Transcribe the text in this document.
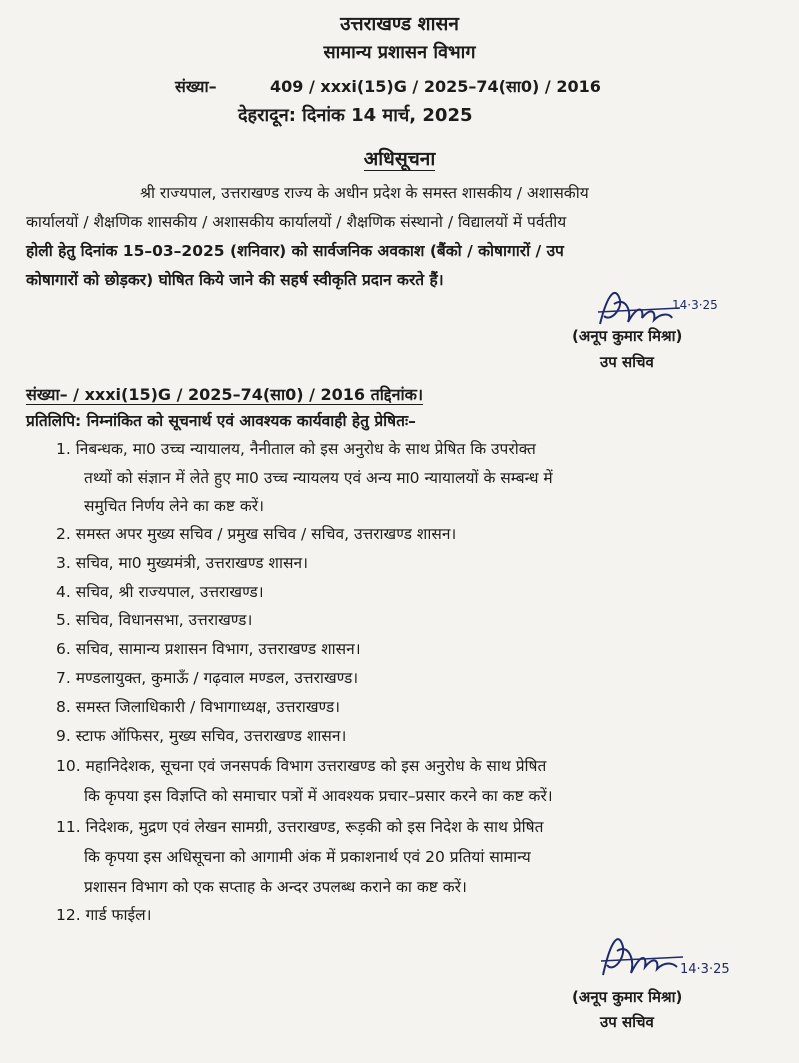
उत्तराखण्ड शासन
सामान्य प्रशासन विभाग
संख्या–	409 / xxxi(15)G / 2025–74(सा0) / 2016
देहरादून: दिनांक 14 मार्च, 2025
अधिसूचना
श्री राज्यपाल, उत्तराखण्ड राज्य के अधीन प्रदेश के समस्त शासकीय / अशासकीय
कार्यालयों / शैक्षणिक शासकीय / अशासकीय कार्यालयों / शैक्षणिक संस्थानो / विद्यालयों में पर्वतीय
होली हेतु दिनांक 15–03–2025 (शनिवार) को सार्वजनिक अवकाश (बैंको / कोषागारों / उप
कोषागारों को छोड़कर) घोषित किये जाने की सहर्ष स्वीकृति प्रदान करते हैं।
14·3·25
(अनूप कुमार मिश्रा)
उप सचिव
संख्या– / xxxi(15)G / 2025–74(सा0) / 2016 तद्दिनांक।
प्रतिलिपि: निम्नांकित को सूचनार्थ एवं आवश्यक कार्यवाही हेतु प्रेषितः–
1. निबन्धक, मा0 उच्च न्यायालय, नैनीताल को इस अनुरोध के साथ प्रेषित कि उपरोक्त
तथ्यों को संज्ञान में लेते हुए मा0 उच्च न्यायलय एवं अन्य मा0 न्यायालयों के सम्बन्ध में
समुचित निर्णय लेने का कष्ट करें।
2. समस्त अपर मुख्य सचिव / प्रमुख सचिव / सचिव, उत्तराखण्ड शासन।
3. सचिव, मा0 मुख्यमंत्री, उत्तराखण्ड शासन।
4. सचिव, श्री राज्यपाल, उत्तराखण्ड।
5. सचिव, विधानसभा, उत्तराखण्ड।
6. सचिव, सामान्य प्रशासन विभाग, उत्तराखण्ड शासन।
7. मण्डलायुक्त, कुमाऊँ / गढ़वाल मण्डल, उत्तराखण्ड।
8. समस्त जिलाधिकारी / विभागाध्यक्ष, उत्तराखण्ड।
9. स्टाफ ऑफिसर, मुख्य सचिव, उत्तराखण्ड शासन।
10. महानिदेशक, सूचना एवं जनसपर्क विभाग उत्तराखण्ड को इस अनुरोध के साथ प्रेषित
कि कृपया इस विज्ञप्ति को समाचार पत्रों में आवश्यक प्रचार–प्रसार करने का कष्ट करें।
11. निदेशक, मुद्रण एवं लेखन सामग्री, उत्तराखण्ड, रूड़की को इस निदेश के साथ प्रेषित
कि कृपया इस अधिसूचना को आगामी अंक में प्रकाशनार्थ एवं 20 प्रतियां सामान्य
प्रशासन विभाग को एक सप्ताह के अन्दर उपलब्ध कराने का कष्ट करें।
12. गार्ड फाईल।
14·3·25
(अनूप कुमार मिश्रा)
उप सचिव
